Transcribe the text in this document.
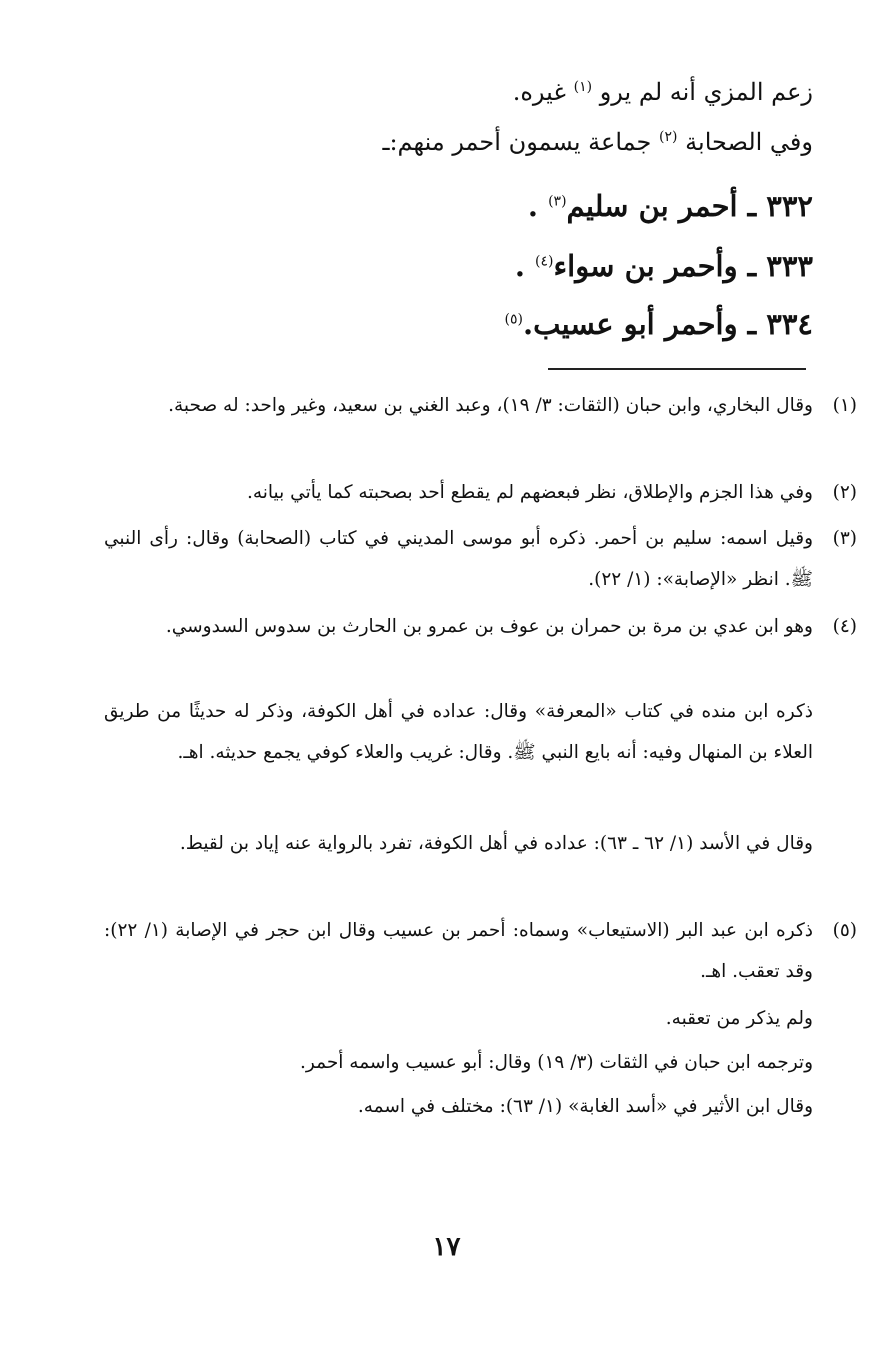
زعم المزي أنه لم يرو $^{(١)}$ غيره.
وفي الصحابة $^{(٢)}$ جماعة يسمون أحمر منهم:ـ
٣٣٢ ـ أحمر بن سليم$^{(٣)}$ .
٣٣٣ ـ وأحمر بن سواء$^{(٤)}$ .
٣٣٤ ـ وأحمر أبو عسيب.$^{(٥)}$
(١)
وقال البخاري، وابن حبان (الثقات: ٣/ ١٩)، وعبد الغني بن سعيد، وغير واحد: له صحبة.
(٢)
وفي هذا الجزم والإطلاق، نظر فبعضهم لم يقطع أحد بصحبته كما يأتي بيانه.
(٣)
وقيل اسمه: سليم بن أحمر. ذكره أبو موسى المديني في كتاب (الصحابة) وقال: رأى النبي ﷺ. انظر «الإصابة»: (١/ ٢٢).
(٤)
وهو ابن عدي بن مرة بن حمران بن عوف بن عمرو بن الحارث بن سدوس السدوسي.
ذكره ابن منده في كتاب «المعرفة» وقال: عداده في أهل الكوفة، وذكر له حديثًا من طريق العلاء بن المنهال وفيه: أنه بايع النبي ﷺ. وقال: غريب والعلاء كوفي يجمع حديثه. اهـ.
وقال في الأسد (١/ ٦٢ ـ ٦٣): عداده في أهل الكوفة، تفرد بالرواية عنه إياد بن لقيط.
(٥)
ذكره ابن عبد البر (الاستيعاب» وسماه: أحمر بن عسيب وقال ابن حجر في الإصابة (١/ ٢٢): وقد تعقب. اهـ.
ولم يذكر من تعقبه.
وترجمه ابن حبان في الثقات (٣/ ١٩) وقال: أبو عسيب واسمه أحمر.
وقال ابن الأثير في «أسد الغابة» (١/ ٦٣): مختلف في اسمه.
١٧
